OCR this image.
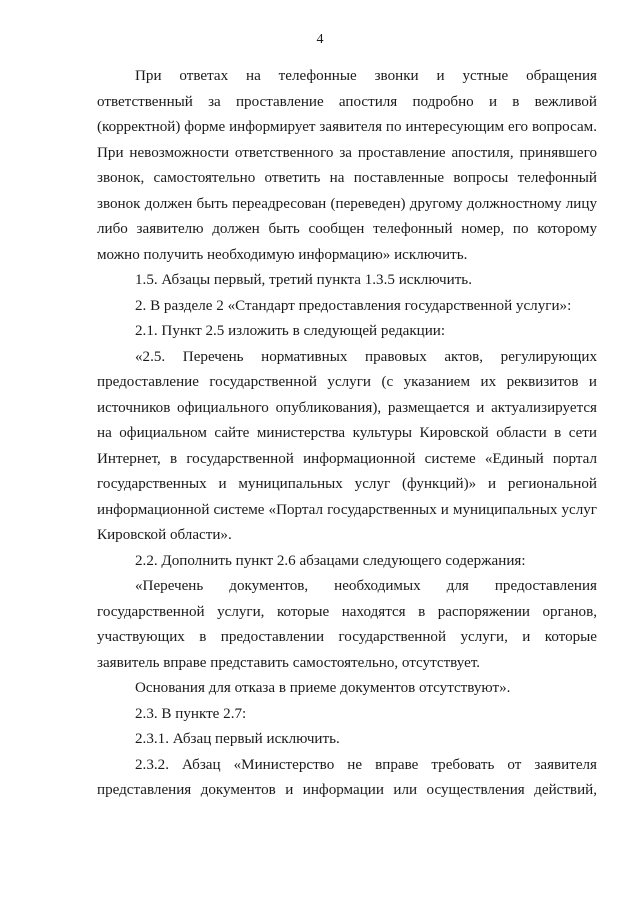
4

При ответах на телефонные звонки и устные обращения ответственный за проставление апостиля подробно и в вежливой (корректной) форме информирует заявителя по интересующим его вопросам. При невозможности ответственного за проставление апостиля, принявшего звонок, самостоятельно ответить на поставленные вопросы телефонный звонок должен быть переадресован (переведен) другому должностному лицу либо заявителю должен быть сообщен телефонный номер, по которому можно получить необходимую информацию» исключить.

1.5. Абзацы первый, третий пункта 1.3.5 исключить.

2. В разделе 2 «Стандарт предоставления государственной услуги»:

2.1. Пункт 2.5 изложить в следующей редакции:

«2.5. Перечень нормативных правовых актов, регулирующих предоставление государственной услуги (с указанием их реквизитов и источников официального опубликования), размещается и актуализируется на официальном сайте министерства культуры Кировской области в сети Интернет, в государственной информационной системе «Единый портал государственных и муниципальных услуг (функций)» и региональной информационной системе «Портал государственных и муниципальных услуг Кировской области».

2.2. Дополнить пункт 2.6 абзацами следующего содержания:

«Перечень документов, необходимых для предоставления государственной услуги, которые находятся в распоряжении органов, участвующих в предоставлении государственной услуги, и которые заявитель вправе представить самостоятельно, отсутствует.

Основания для отказа в приеме документов отсутствуют».

2.3. В пункте 2.7:

2.3.1. Абзац первый исключить.

2.3.2. Абзац «Министерство не вправе требовать от заявителя представления документов и информации или осуществления действий,
